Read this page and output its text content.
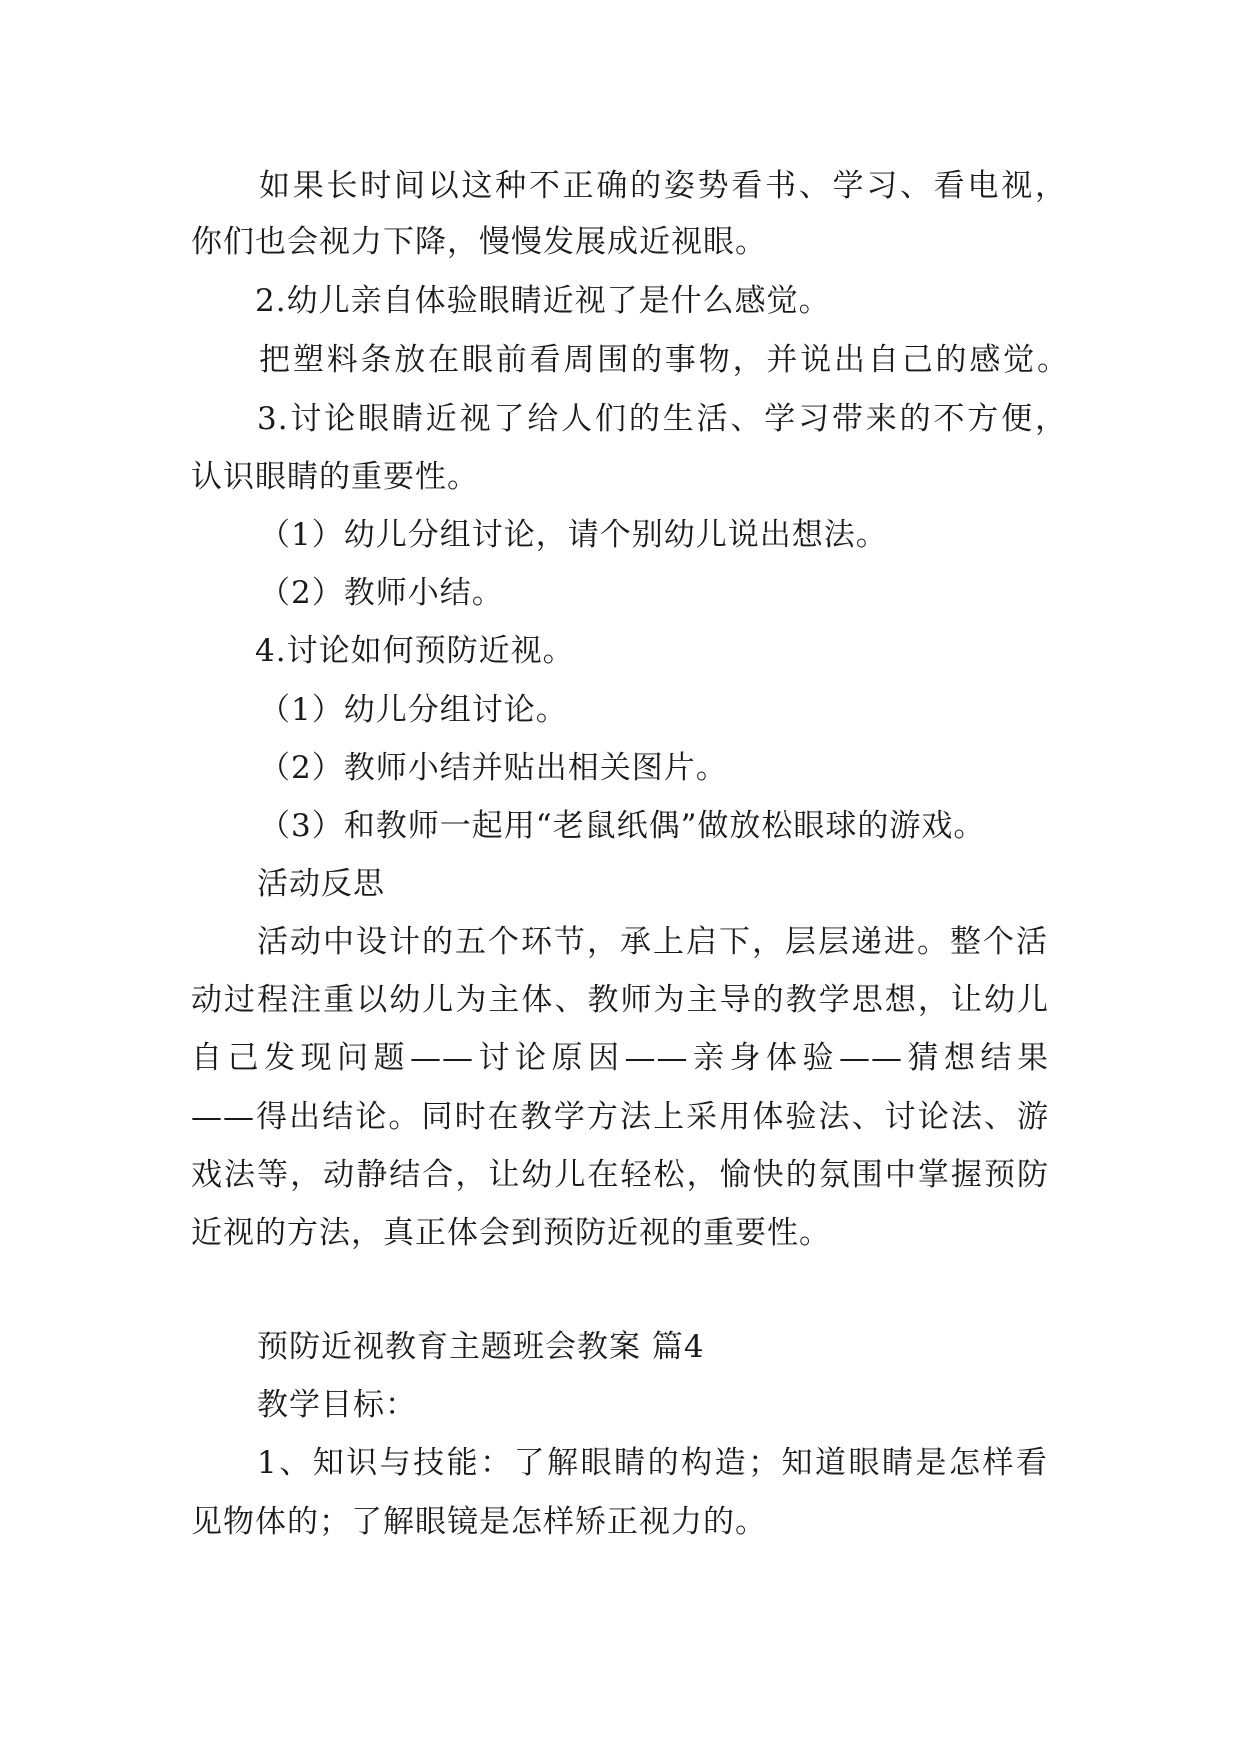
如果长时间以这种不正确的姿势看书、学习、看电视，
你们也会视力下降，慢慢发展成近视眼。
2.幼儿亲自体验眼睛近视了是什么感觉。
把塑料条放在眼前看周围的事物，并说出自己的感觉。
3.讨论眼睛近视了给人们的生活、学习带来的不方便，
认识眼睛的重要性。
（1）幼儿分组讨论，请个别幼儿说出想法。
（2）教师小结。
4.讨论如何预防近视。
（1）幼儿分组讨论。
（2）教师小结并贴出相关图片。
（3）和教师一起用“老鼠纸偶”做放松眼球的游戏。
活动反思
活动中设计的五个环节，承上启下，层层递进。整个活
动过程注重以幼儿为主体、教师为主导的教学思想，让幼儿
自己发现问题——讨论原因——亲身体验——猜想结果
——得出结论。同时在教学方法上采用体验法、讨论法、游
戏法等，动静结合，让幼儿在轻松，愉快的氛围中掌握预防
近视的方法，真正体会到预防近视的重要性。
预防近视教育主题班会教案 篇4
教学目标：
1、知识与技能：了解眼睛的构造；知道眼睛是怎样看
见物体的；了解眼镜是怎样矫正视力的。
